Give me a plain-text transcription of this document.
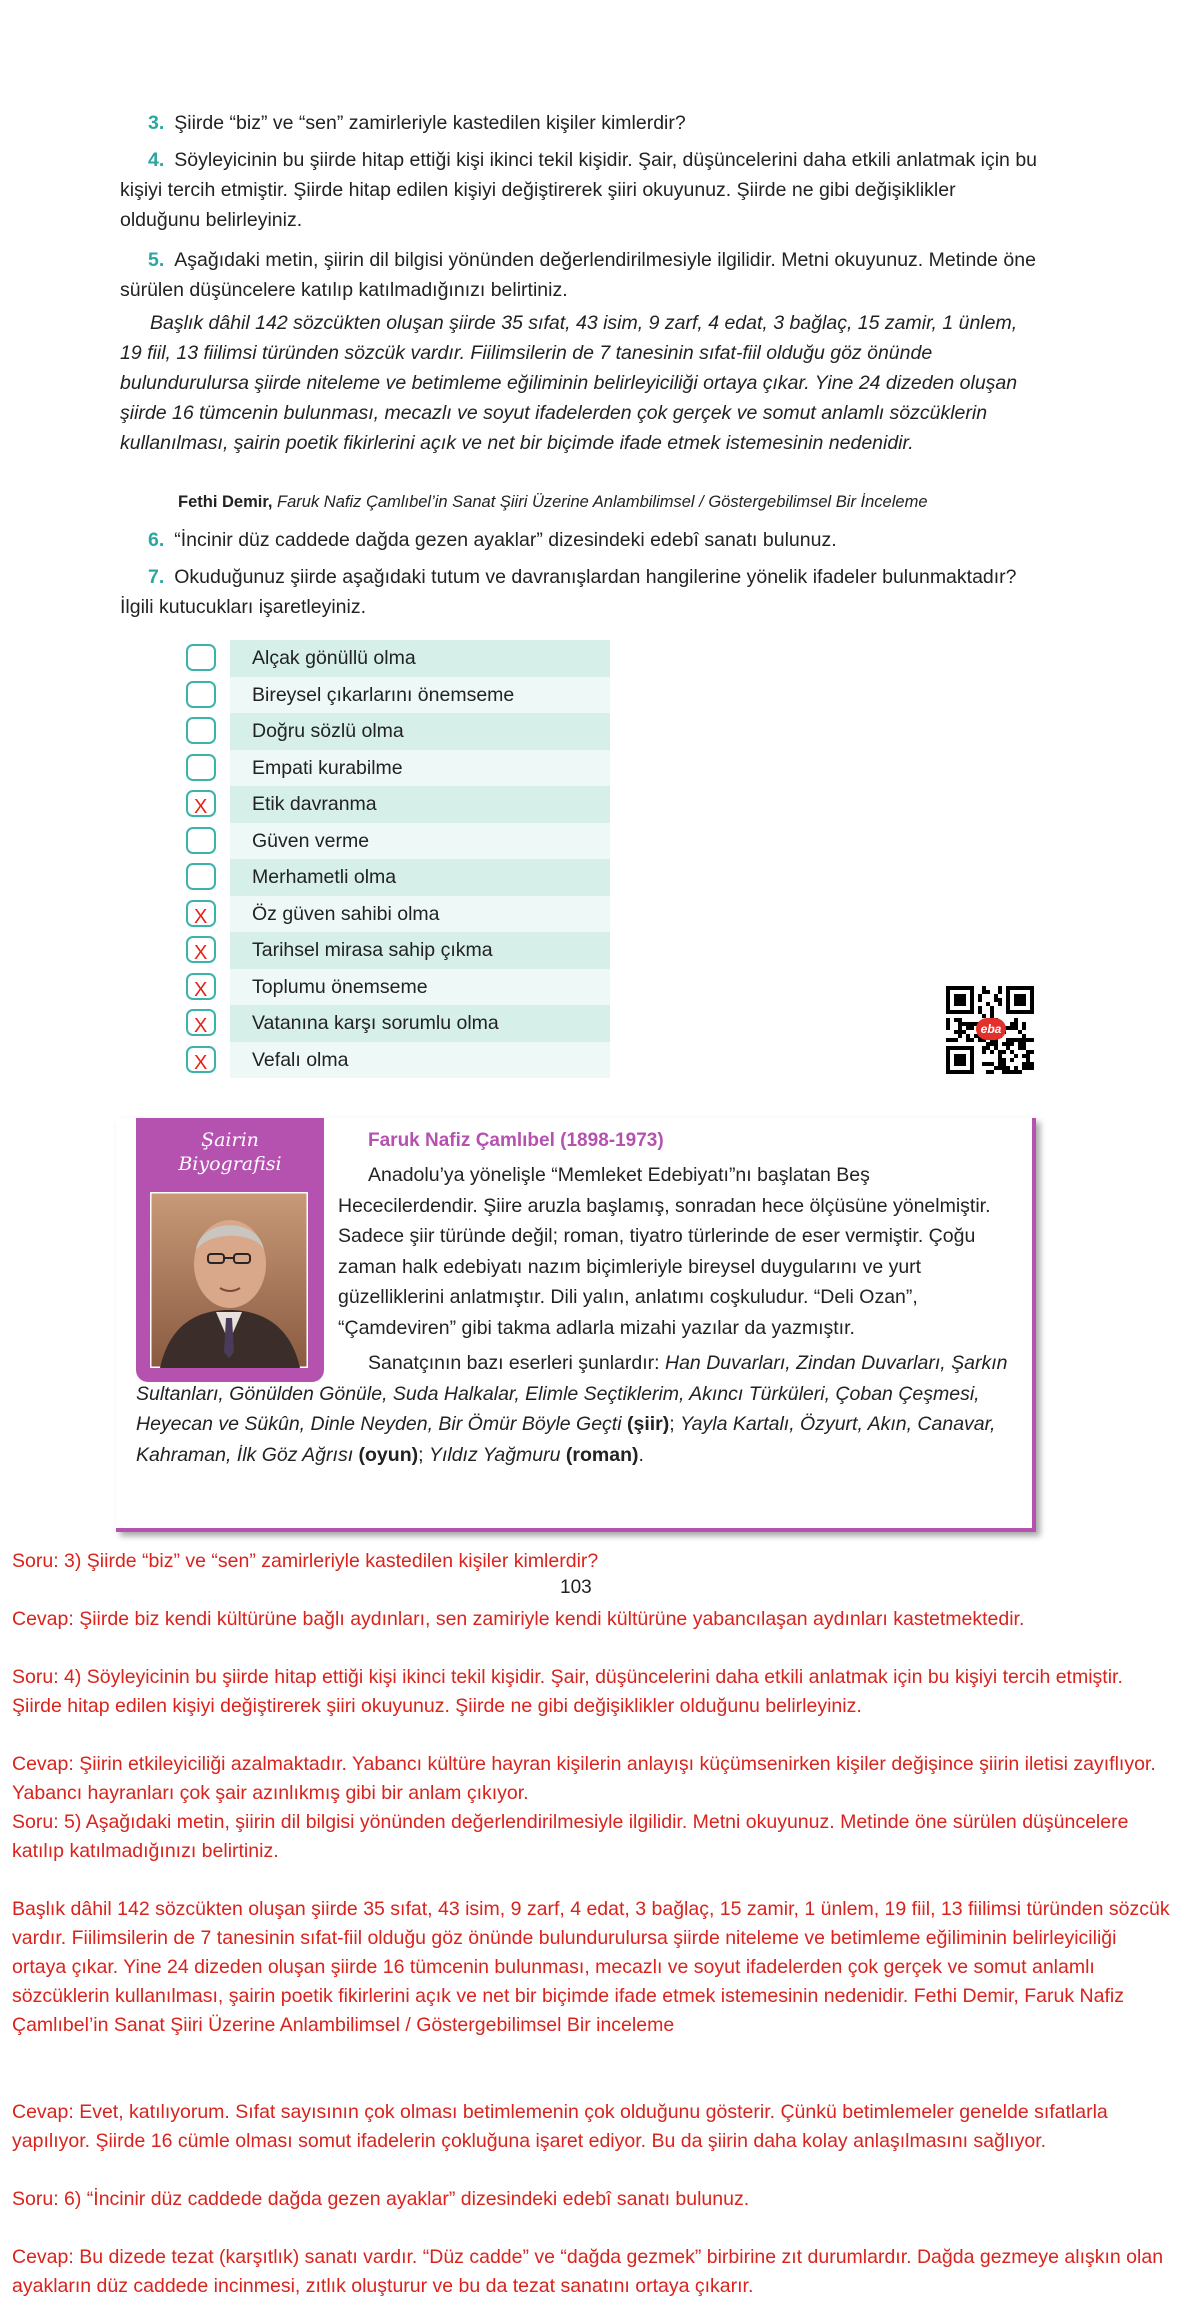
3. Şiirde “biz” ve “sen” zamirleriyle kastedilen kişiler kimlerdir?
4. Söyleyicinin bu şiirde hitap ettiği kişi ikinci tekil kişidir. Şair, düşüncelerini daha etkili anlatmak için bu kişiyi tercih etmiştir. Şiirde hitap edilen kişiyi değiştirerek şiiri okuyunuz. Şiirde ne gibi değişiklikler olduğunu belirleyiniz.
5. Aşağıdaki metin, şiirin dil bilgisi yönünden değerlendirilmesiyle ilgilidir. Metni okuyunuz. Metinde öne sürülen düşüncelere katılıp katılmadığınızı belirtiniz.
Başlık dâhil 142 sözcükten oluşan şiirde 35 sıfat, 43 isim, 9 zarf, 4 edat, 3 bağlaç, 15 zamir, 1 ünlem, 19 fiil, 13 fiilimsi türünden sözcük vardır. Fiilimsilerin de 7 tanesinin sıfat-fiil olduğu göz önünde bulundurulursa şiirde niteleme ve betimleme eğiliminin belirleyiciliği ortaya çıkar. Yine 24 dizeden oluşan şiirde 16 tümcenin bulunması, mecazlı ve soyut ifadelerden çok gerçek ve somut anlamlı sözcüklerin kullanılması, şairin poetik fikirlerini açık ve net bir biçimde ifade etmek istemesinin nedenidir.
Fethi Demir, Faruk Nafiz Çamlıbel’in Sanat Şiiri Üzerine Anlambilimsel / Göstergebilimsel Bir İnceleme
6. “İncinir düz caddede dağda gezen ayaklar” dizesindeki edebî sanatı bulunuz.
7. Okuduğunuz şiirde aşağıdaki tutum ve davranışlardan hangilerine yönelik ifadeler bulunmaktadır? İlgili kutucukları işaretleyiniz.
Alçak gönüllü olma
Bireysel çıkarlarını önemseme
Doğru sözlü olma
Empati kurabilme
X Etik davranma
Güven verme
Merhametli olma
X Öz güven sahibi olma
X Tarihsel mirasa sahip çıkma
X Toplumu önemseme
X Vatanına karşı sorumlu olma
X Vefalı olma
eba
Şairin
Biyografisi
Faruk Nafiz Çamlıbel (1898-1973)
Anadolu’ya yönelişle “Memleket Edebiyatı”nı başlatan Beş Hececilerdendir. Şiire aruzla başlamış, sonradan hece ölçüsüne yönelmiştir. Sadece şiir türünde değil; roman, tiyatro türlerinde de eser vermiştir. Çoğu zaman halk edebiyatı nazım biçimleriyle bireysel duygularını ve yurt güzelliklerini anlatmıştır. Dili yalın, anlatımı coşkuludur. “Deli Ozan”, “Çamdeviren” gibi takma adlarla mizahi yazılar da yazmıştır.
Sanatçının bazı eserleri şunlardır: Han Duvarları, Zindan Duvarları, Şarkın Sultanları, Gönülden Gönüle, Suda Halkalar, Elimle Seçtiklerim, Akıncı Türküleri, Çoban Çeşmesi, Heyecan ve Sükûn, Dinle Neyden, Bir Ömür Böyle Geçti (şiir); Yayla Kartalı, Özyurt, Akın, Canavar, Kahraman, İlk Göz Ağrısı (oyun); Yıldız Yağmuru (roman).
Soru: 3) Şiirde “biz” ve “sen” zamirleriyle kastedilen kişiler kimlerdir?
103
Cevap: Şiirde biz kendi kültürüne bağlı aydınları, sen zamiriyle kendi kültürüne yabancılaşan aydınları kastetmektedir.
Soru: 4) Söyleyicinin bu şiirde hitap ettiği kişi ikinci tekil kişidir. Şair, düşüncelerini daha etkili anlatmak için bu kişiyi tercih etmiştir. Şiirde hitap edilen kişiyi değiştirerek şiiri okuyunuz. Şiirde ne gibi değişiklikler olduğunu belirleyiniz.
Cevap: Şiirin etkileyiciliği azalmaktadır. Yabancı kültüre hayran kişilerin anlayışı küçümsenirken kişiler değişince şiirin iletisi zayıflıyor. Yabancı hayranları çok şair azınlıkmış gibi bir anlam çıkıyor.
Soru: 5) Aşağıdaki metin, şiirin dil bilgisi yönünden değerlendirilmesiyle ilgilidir. Metni okuyunuz. Metinde öne sürülen düşüncelere katılıp katılmadığınızı belirtiniz.
Başlık dâhil 142 sözcükten oluşan şiirde 35 sıfat, 43 isim, 9 zarf, 4 edat, 3 bağlaç, 15 zamir, 1 ünlem, 19 fiil, 13 fiilimsi türünden sözcük vardır. Fiilimsilerin de 7 tanesinin sıfat-fiil olduğu göz önünde bulundurulursa şiirde niteleme ve betimleme eğiliminin belirleyiciliği ortaya çıkar. Yine 24 dizeden oluşan şiirde 16 tümcenin bulunması, mecazlı ve soyut ifadelerden çok gerçek ve somut anlamlı sözcüklerin kullanılması, şairin poetik fikirlerini açık ve net bir biçimde ifade etmek istemesinin nedenidir. Fethi Demir, Faruk Nafiz Çamlıbel’in Sanat Şiiri Üzerine Anlambilimsel / Göstergebilimsel Bir inceleme
Cevap: Evet, katılıyorum. Sıfat sayısının çok olması betimlemenin çok olduğunu gösterir. Çünkü betimlemeler genelde sıfatlarla yapılıyor. Şiirde 16 cümle olması somut ifadelerin çokluğuna işaret ediyor. Bu da şiirin daha kolay anlaşılmasını sağlıyor.
Soru: 6) “İncinir düz caddede dağda gezen ayaklar” dizesindeki edebî sanatı bulunuz.
Cevap: Bu dizede tezat (karşıtlık) sanatı vardır. “Düz cadde” ve “dağda gezmek” birbirine zıt durumlardır. Dağda gezmeye alışkın olan ayakların düz caddede incinmesi, zıtlık oluşturur ve bu da tezat sanatını ortaya çıkarır.
